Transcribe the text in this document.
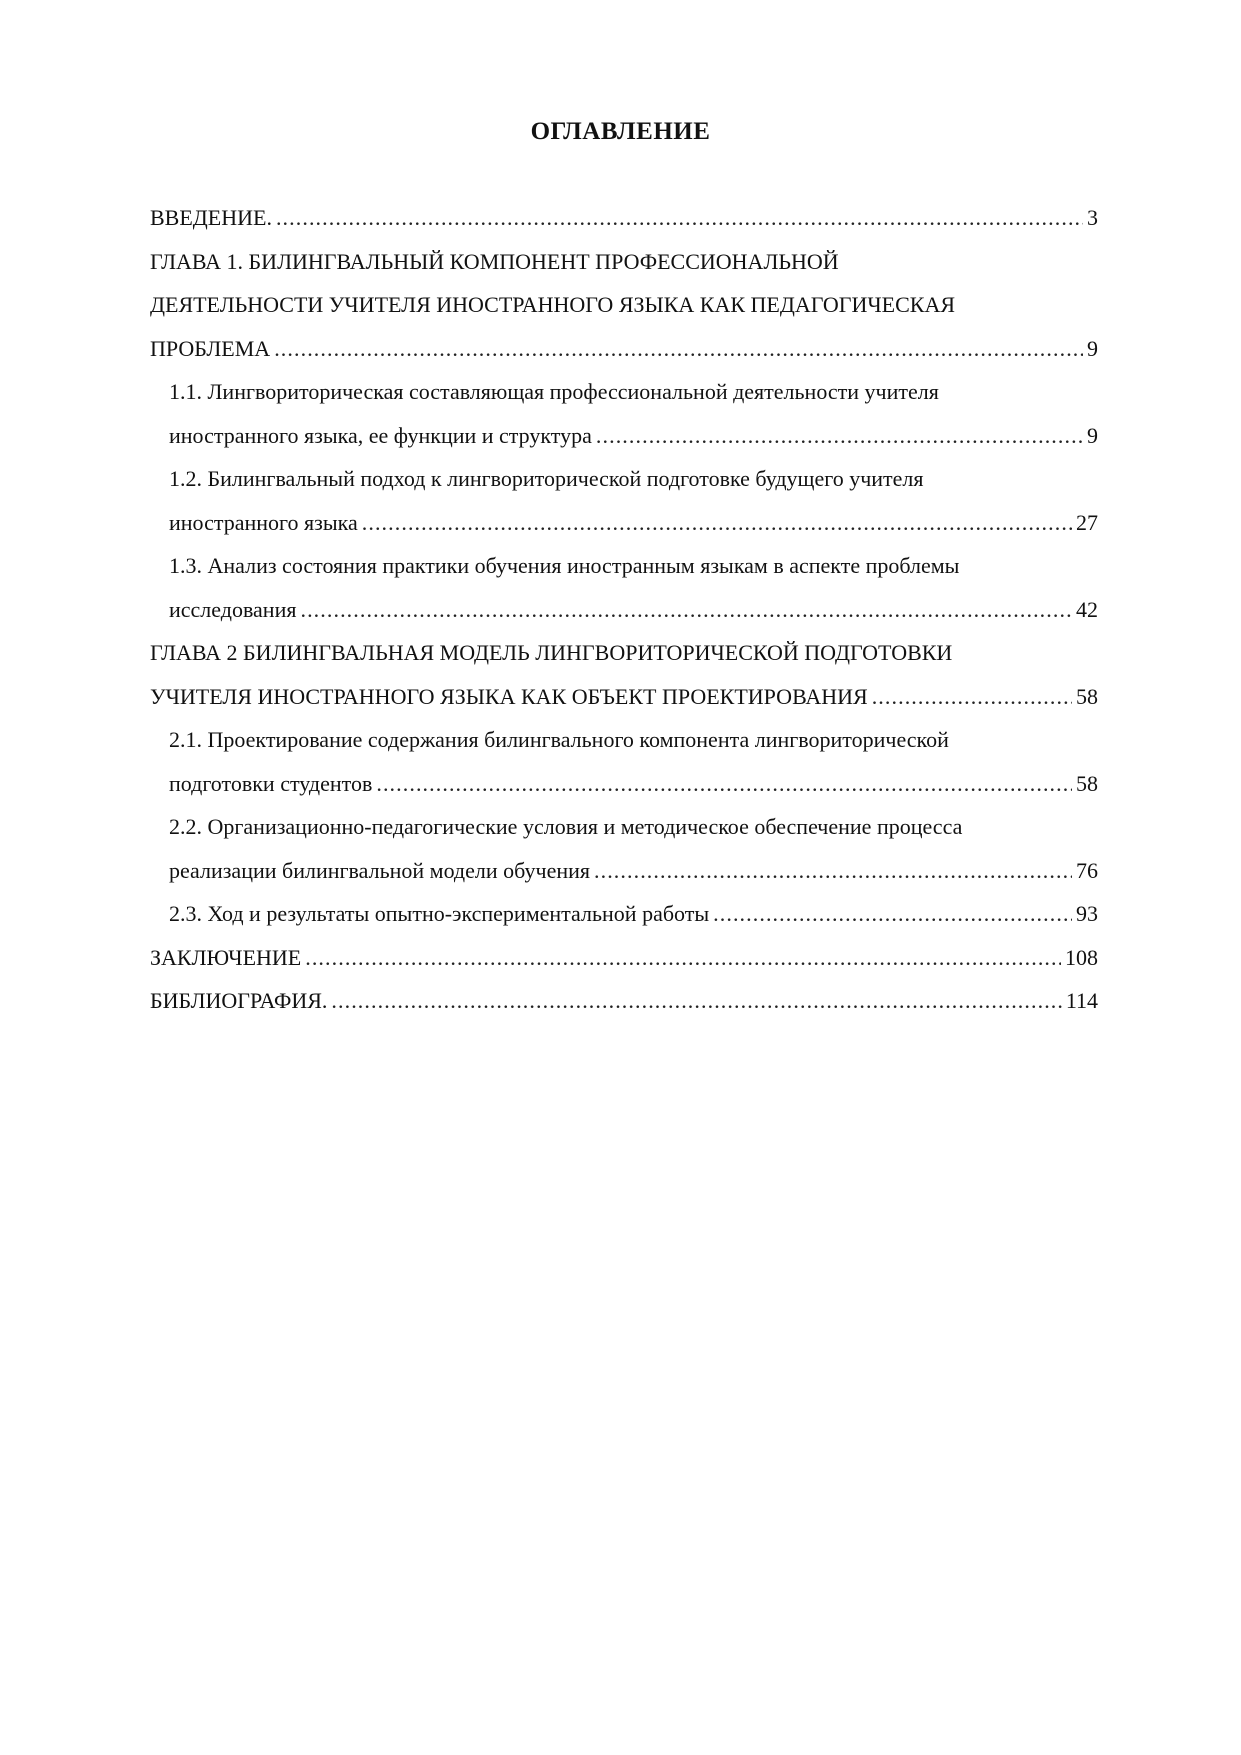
ОГЛАВЛЕНИЕ
ВВЕДЕНИЕ. . . .	3
ГЛАВА 1. БИЛИНГВАЛЬНЫЙ КОМПОНЕНТ ПРОФЕССИОНАЛЬНОЙ
ДЕЯТЕЛЬНОСТИ УЧИТЕЛЯ ИНОСТРАННОГО ЯЗЫКА КАК ПЕДАГОГИЧЕСКАЯ
ПРОБЛЕМА . . .	9
1.1. Лингвориторическая составляющая профессиональной деятельности учителя
иностранного языка, ее функции и структура . . .	9
1.2. Билингвальный подход к лингвориторической подготовке будущего учителя
иностранного языка . . .	27
1.3. Анализ состояния практики обучения иностранным языкам в аспекте проблемы
исследования . . .	42
ГЛАВА 2 БИЛИНГВАЛЬНАЯ МОДЕЛЬ ЛИНГВОРИТОРИЧЕСКОЙ ПОДГОТОВКИ
УЧИТЕЛЯ ИНОСТРАННОГО ЯЗЫКА КАК ОБЪЕКТ ПРОЕКТИРОВАНИЯ . . .	58
2.1. Проектирование содержания билингвального компонента лингвориторической
подготовки студентов . . .	58
2.2. Организационно-педагогические условия и методическое обеспечение процесса
реализации билингвальной модели обучения . . .	76
2.3. Ход и результаты опытно-экспериментальной работы . . .	93
ЗАКЛЮЧЕНИЕ . . .	108
БИБЛИОГРАФИЯ. . . .	114
